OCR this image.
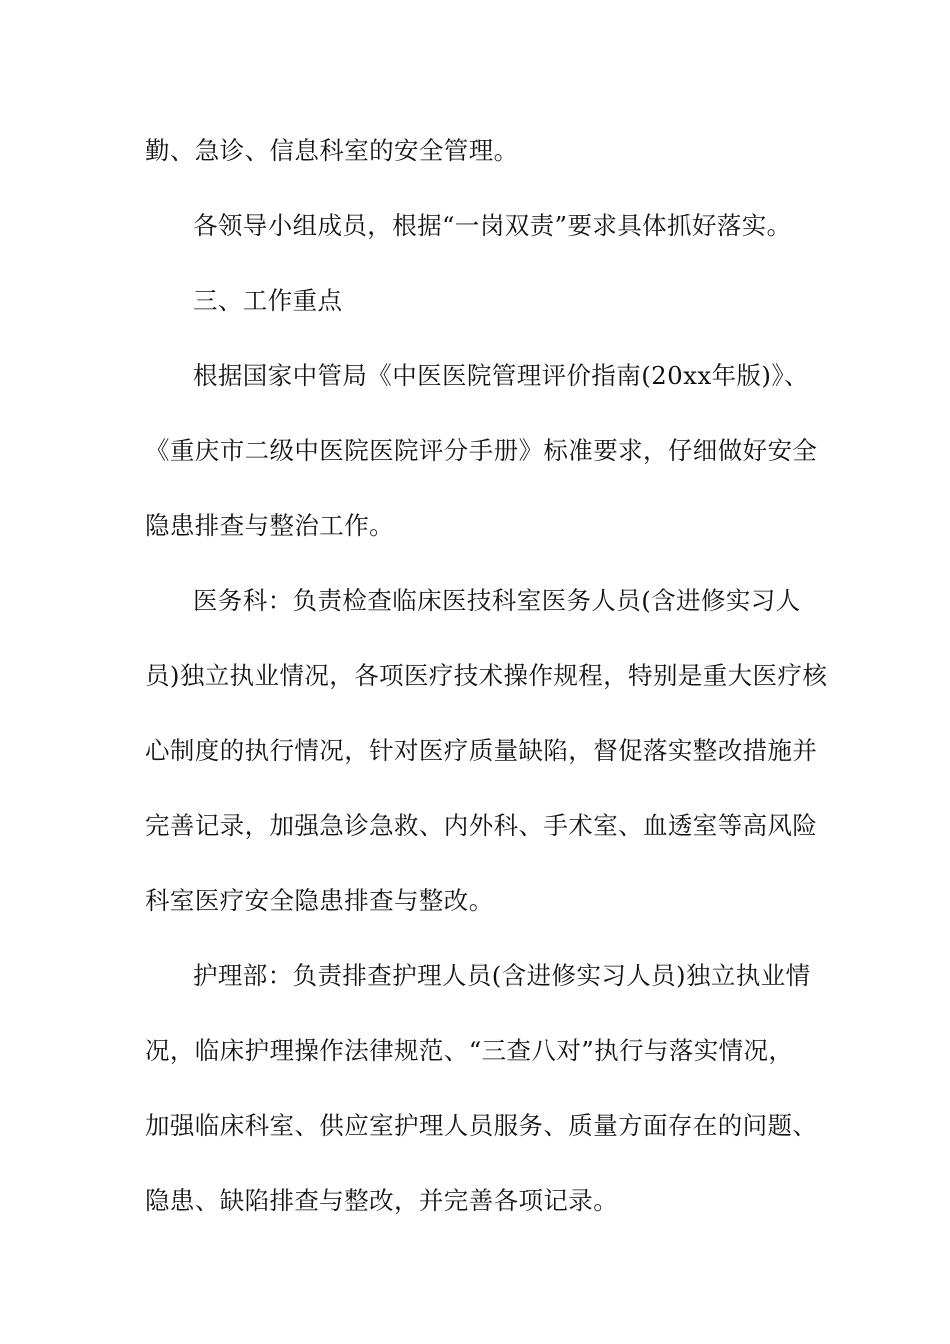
勤、急诊、信息科室的安全管理。
各领导小组成员，根据“一岗双责”要求具体抓好落实。
三、工作重点
根据国家中管局《中医医院管理评价指南(20xx年版)》、
《重庆市二级中医院医院评分手册》标准要求，仔细做好安全
隐患排查与整治工作。
医务科：负责检查临床医技科室医务人员(含进修实习人
员)独立执业情况，各项医疗技术操作规程，特别是重大医疗核
心制度的执行情况，针对医疗质量缺陷，督促落实整改措施并
完善记录，加强急诊急救、内外科、手术室、血透室等高风险
科室医疗安全隐患排查与整改。
护理部：负责排查护理人员(含进修实习人员)独立执业情
况，临床护理操作法律规范、“三查八对”执行与落实情况，
加强临床科室、供应室护理人员服务、质量方面存在的问题、
隐患、缺陷排查与整改，并完善各项记录。
